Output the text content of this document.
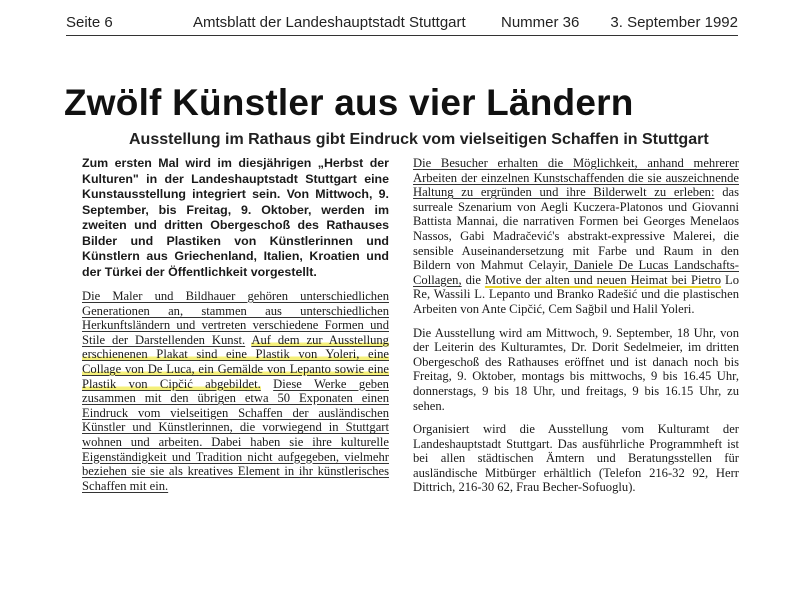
Seite 6	Amtsblatt der Landeshauptstadt Stuttgart Nummer 36 3. September 1992
Zwölf Künstler aus vier Ländern
Ausstellung im Rathaus gibt Eindruck vom vielseitigen Schaffen in Stuttgart

Zum ersten Mal wird im diesjährigen „Herbst der Kulturen" in der Landeshauptstadt Stuttgart eine Kunstausstellung integriert sein. Von Mittwoch, 9. September, bis Freitag, 9. Oktober, werden im zweiten und dritten Obergeschoß des Rathauses Bilder und Plastiken von Künstlerinnen und Künstlern aus Griechenland, Italien, Kroatien und der Türkei der Öffentlichkeit vorgestellt.

Die Maler und Bildhauer gehören unterschiedlichen Generationen an, stammen aus unterschiedlichen Herkunftsländern und vertreten verschiedene Formen und Stile der Darstellenden Kunst. Auf dem zur Ausstellung erschienenen Plakat sind eine Plastik von Yoleri, eine Collage von De Luca, ein Gemälde von Lepanto sowie eine Plastik von Cipčić abgebildet. Diese Werke geben zusammen mit den übrigen etwa 50 Exponaten einen Eindruck vom vielseitigen Schaffen der ausländischen Künstler und Künstlerinnen, die vorwiegend in Stuttgart wohnen und arbeiten. Dabei haben sie ihre kulturelle Eigenständigkeit und Tradition nicht aufgegeben, vielmehr beziehen sie sie als kreatives Element in ihr künstlerisches Schaffen mit ein.

Die Besucher erhalten die Möglichkeit, anhand mehrerer Arbeiten der einzelnen Kunstschaffenden die sie auszeichnende Haltung zu ergründen und ihre Bilderwelt zu erleben: das surreale Szenarium von Aegli Kuczera-Platonos und Giovanni Battista Mannai, die narrativen Formen bei Georges Menelaos Nassos, Gabi Madračević's abstrakt-expressive Malerei, die sensible Auseinandersetzung mit Farbe und Raum in den Bildern von Mahmut Celayir, Daniele De Lucas Landschafts-Collagen, die Motive der alten und neuen Heimat bei Pietro Lo Re, Wassili L. Lepanto und Branko Radešić und die plastischen Arbeiten von Ante Cipčić, Cem Sağbil und Halil Yoleri.

Die Ausstellung wird am Mittwoch, 9. September, 18 Uhr, von der Leiterin des Kulturamtes, Dr. Dorit Sedelmeier, im dritten Obergeschoß des Rathauses eröffnet und ist danach noch bis Freitag, 9. Oktober, montags bis mittwochs, 9 bis 16.45 Uhr, donnerstags, 9 bis 18 Uhr, und freitags, 9 bis 16.15 Uhr, zu sehen.

Organisiert wird die Ausstellung vom Kulturamt der Landeshauptstadt Stuttgart. Das ausführliche Programmheft ist bei allen städtischen Ämtern und Beratungsstellen für ausländische Mitbürger erhältlich (Telefon 216-32 92, Herr Dittrich, 216-30 62, Frau Becher-Sofuoglu).
